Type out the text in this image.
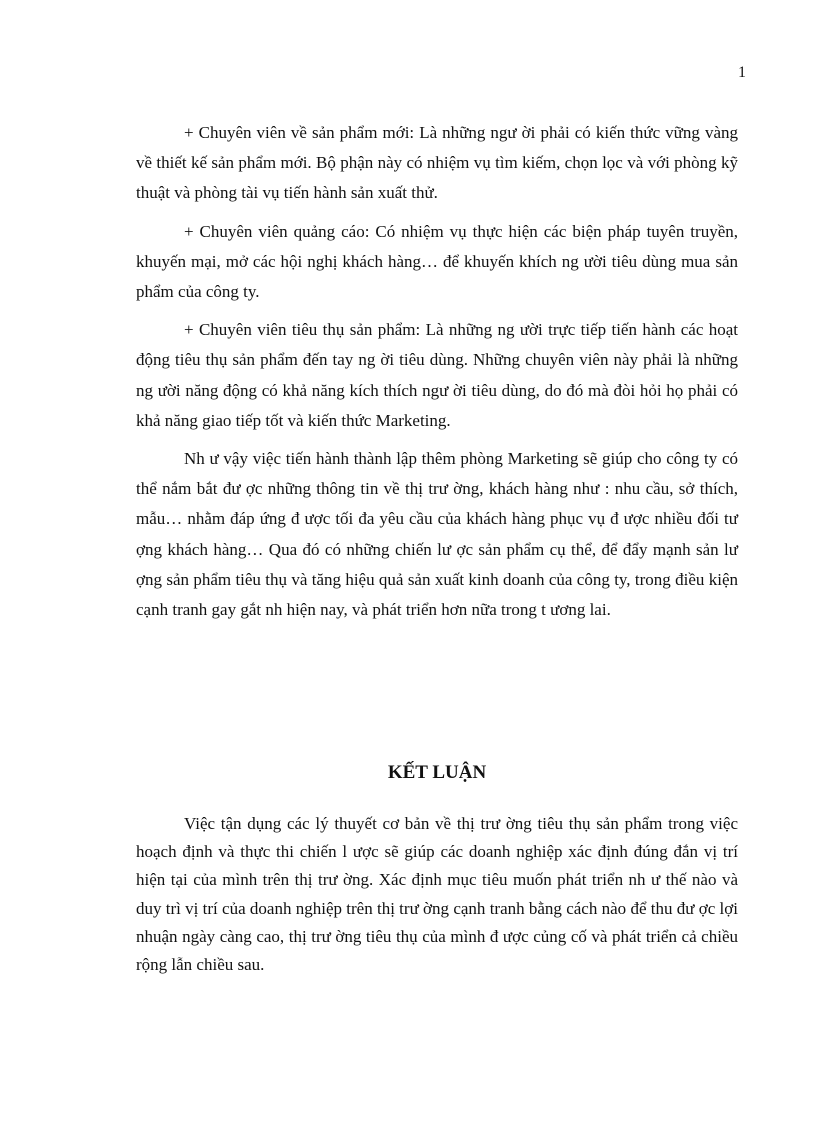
1

+ Chuyên viên về sản phẩm mới: Là những ngư ời phải có kiến thức vững vàng về thiết kế sản phẩm mới. Bộ phận này có nhiệm vụ tìm kiếm, chọn lọc và với phòng kỹ thuật và phòng tài vụ tiến hành sản xuất thử.

+ Chuyên viên quảng cáo: Có nhiệm vụ thực hiện các biện pháp tuyên truyền, khuyến mại, mở các hội nghị khách hàng… để khuyến khích ng ười tiêu dùng mua sản phẩm của công ty.

+ Chuyên viên tiêu thụ sản phẩm: Là những ng ười trực tiếp tiến hành các hoạt động tiêu thụ sản phẩm đến tay ng ời tiêu dùng. Những chuyên viên này phải là những ng ười năng động có khả năng kích thích ngư ời tiêu dùng, do đó mà đòi hỏi họ phải có khả năng giao tiếp tốt và kiến thức Marketing.

Nh ư vậy việc tiến hành thành lập thêm phòng Marketing sẽ giúp cho công ty có thể nắm bắt đư ợc những thông tin về thị trư ờng, khách hàng như : nhu cầu, sở thích, mẫu… nhằm đáp ứng đ ược tối đa yêu cầu của khách hàng phục vụ đ ược nhiều đối tư ợng khách hàng… Qua đó có những chiến lư ợc sản phẩm cụ thể, để đẩy mạnh sản lư ợng sản phẩm tiêu thụ và tăng hiệu quả sản xuất kinh doanh của công ty, trong điều kiện cạnh tranh gay gắt nh hiện nay, và phát triển hơn nữa trong t ương lai.

KẾT LUẬN

Việc tận dụng các lý thuyết cơ bản về thị trư ờng tiêu thụ sản phẩm trong việc hoạch định và thực thi chiến l ược sẽ giúp các doanh nghiệp xác định đúng đắn vị trí hiện tại của mình trên thị trư ờng. Xác định mục tiêu muốn phát triển nh ư thế nào và duy trì vị trí của doanh nghiệp trên thị trư ờng cạnh tranh bằng cách nào để thu đư ợc lợi nhuận ngày càng cao, thị trư ờng tiêu thụ của mình đ ược củng cố và phát triển cả chiều rộng lẫn chiều sau.
